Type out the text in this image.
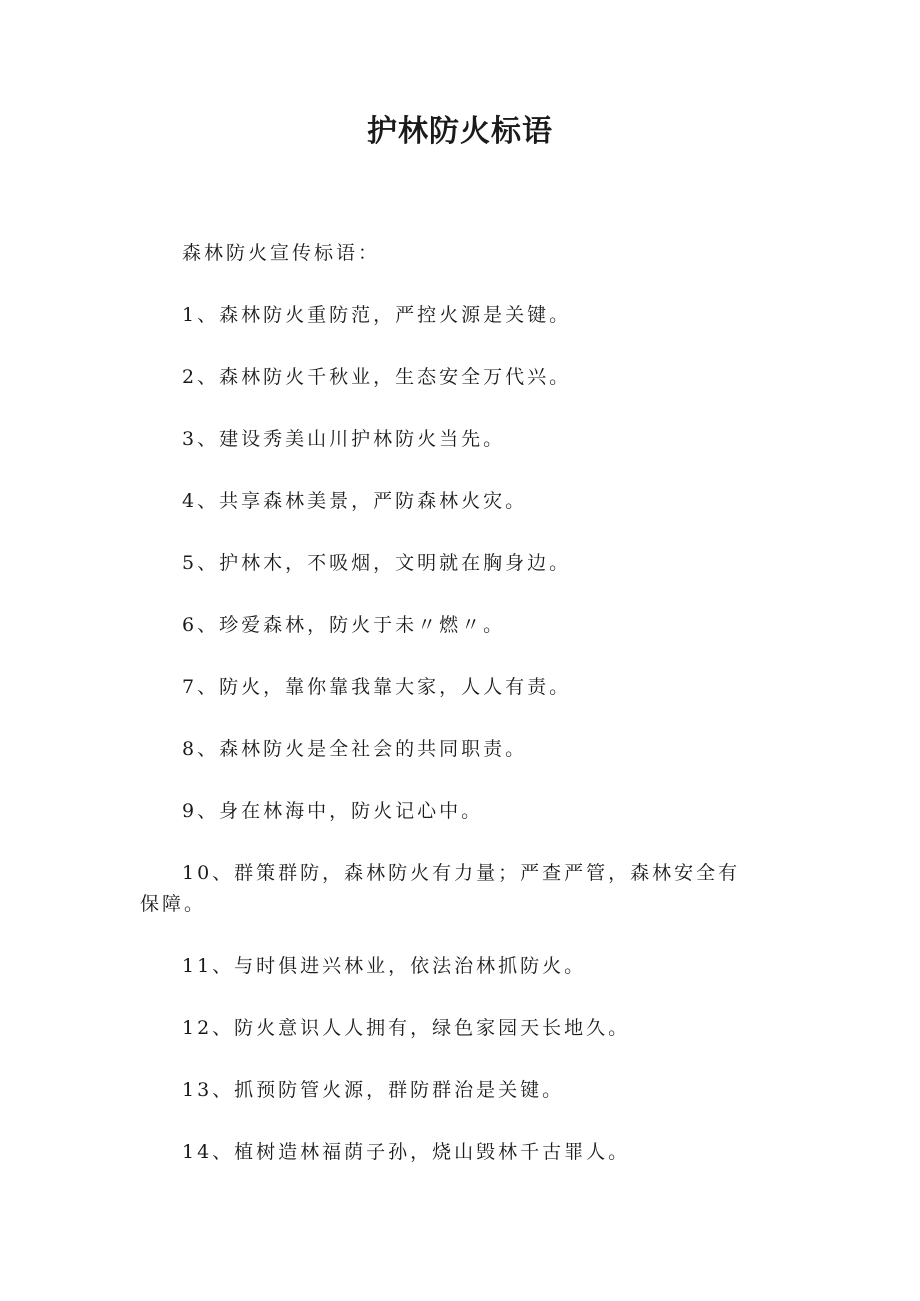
护林防火标语

森林防火宣传标语：

1、森林防火重防范，严控火源是关键。

2、森林防火千秋业，生态安全万代兴。

3、建设秀美山川护林防火当先。

4、共享森林美景，严防森林火灾。

5、护林木，不吸烟，文明就在胸身边。

6、珍爱森林，防火于未〃燃〃。

7、防火，靠你靠我靠大家，人人有责。

8、森林防火是全社会的共同职责。

9、身在林海中，防火记心中。

10、群策群防，森林防火有力量；严查严管，森林安全有保障。

11、与时俱进兴林业，依法治林抓防火。

12、防火意识人人拥有，绿色家园天长地久。

13、抓预防管火源，群防群治是关键。

14、植树造林福荫子孙，烧山毁林千古罪人。
